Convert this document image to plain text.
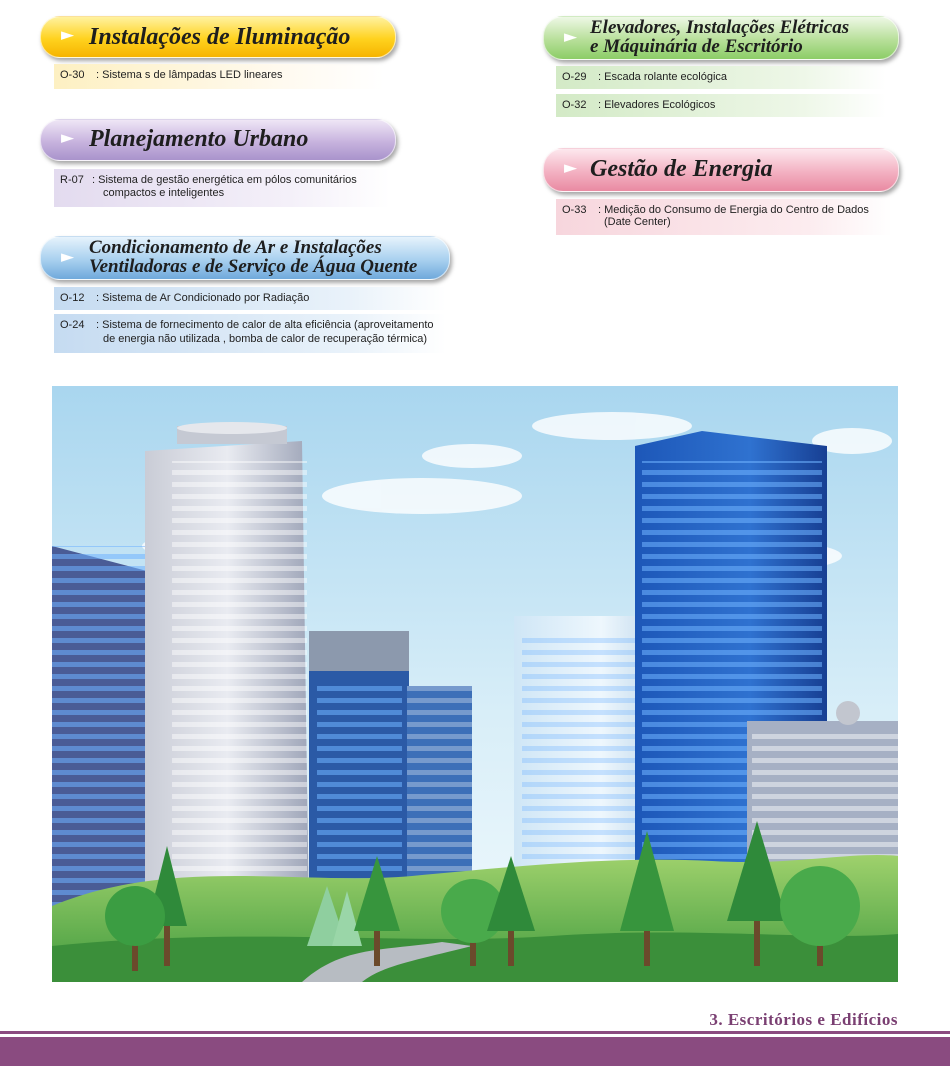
► Instalações de Iluminação
O-30 : Sistema s de lâmpadas LED lineares
► Planejamento Urbano
R-07 : Sistema de gestão energética em pólos comunitários
compactos e inteligentes
► Condicionamento de Ar e Instalações
Ventiladoras e de Serviço de Água Quente
O-12 : Sistema de Ar Condicionado por Radiação
O-24 : Sistema de fornecimento de calor de alta eficiência (aproveitamento
de energia não utilizada , bomba de calor de recuperação térmica)
► Elevadores, Instalações Elétricas
e Máquinária de Escritório
O-29 : Escada rolante ecológica
O-32 : Elevadores Ecológicos
► Gestão de Energia
O-33 : Medição do Consumo de Energia do Centro de Dados
(Date Center)
3. Escritórios e Edifícios
